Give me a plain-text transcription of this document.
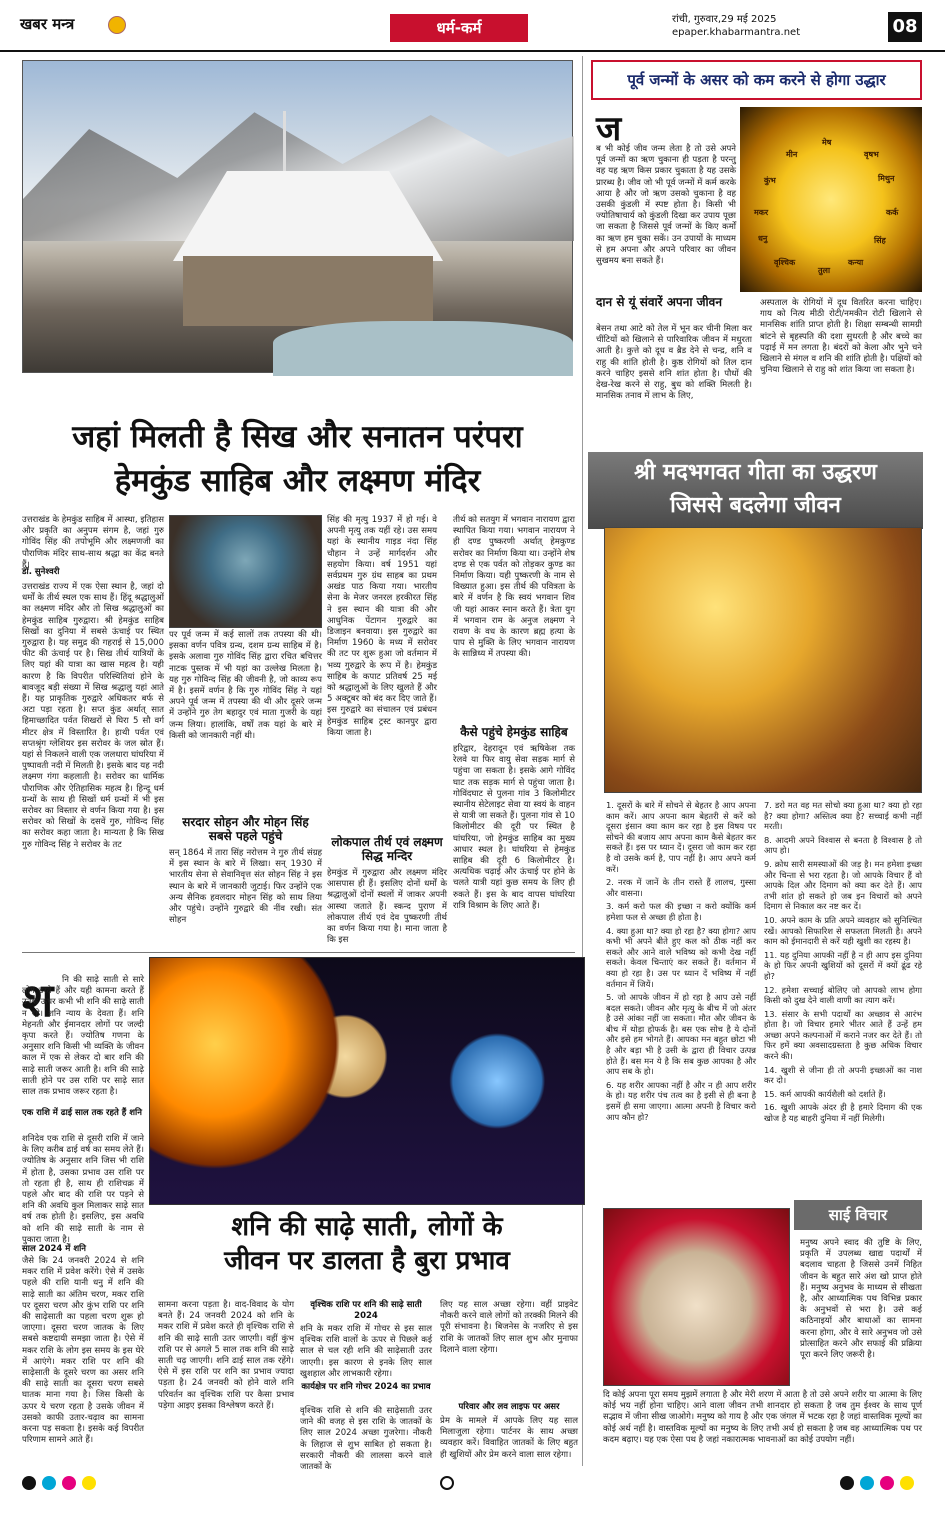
खबर मन्त्र	धर्म-कर्म	रांची, गुरुवार,29 मई 2025
epaper.khabarmantra.net	08
जहां मिलती है सिख और सनातन परंपरा
हेमकुंड साहिब और लक्ष्मण मंदिर
उत्तराखंड के हेमकुंड साहिब में आस्था, इतिहास और प्रकृति का अनुपम संगम है, जहां गुरु गोविंद सिंह की तपोभूमि और लक्ष्मणजी का पौराणिक मंदिर साथ-साथ श्रद्धा का केंद्र बनते हैं।
डॉ. सुनेश्वरी
उत्तराखंड राज्य में एक ऐसा स्थान है, जहां दो धर्मों के तीर्थ स्थल एक साथ हैं। हिंदू श्रद्धालुओं का लक्ष्मण मंदिर और तो सिख श्रद्धालुओं का हेमकुंड साहिब गुरुद्वारा। श्री हेमकुंड साहिब सिखों का दुनिया में सबसे ऊंचाई पर स्थित गुरुद्वारा है। यह समुद्र की गहराई से 15,000 फीट की ऊंचाई पर है। सिख तीर्थ यात्रियों के लिए यहां की यात्रा का खास महत्व है। यही कारण है कि विपरीत परिस्थितियां होने के बावजूद बड़ी संख्या में सिख श्रद्धालु यहां आते हैं। यह प्राकृतिक गुरुद्वारे अधिकतर बर्फ से अटा पड़ा रहता है। सप्त कुंड अर्थात् सात हिमाच्छादित पर्वत शिखरों से घिरा 5 सौ वर्ग मीटर क्षेत्र में विस्तारित है। हाथी पर्वत एवं सप्तश्रृंग ग्लेशियर इस सरोवर के जल स्रोत हैं। यहां से निकलने वाली एक जलधारा घांघरिया में पुष्पावती नदी में मिलती है। इसके बाद यह नदी लक्ष्मण गंगा कहलाती है। सरोवर का धार्मिक पौराणिक और ऐतिहासिक महत्व है। हिन्दू धर्म ग्रन्थों के साथ ही सिखों धर्म ग्रन्थों में भी इस सरोवर का विस्तार से वर्णन किया गया है। इस सरोवर को सिखों के दसवें गुरु, गोविन्द सिंह का सरोवर कहा जाता है। मान्यता है कि सिख गुरु गोविन्द सिंह ने सरोवर के तट
पर पूर्व जन्म में कई सालों तक तपस्या की थी। इसका वर्णन पवित्र ग्रन्थ, दशम ग्रन्थ साहिब में है। इसके अलावा गुरु गोविंद सिंह द्वारा रचित बचित्तर नाटक पुस्तक में भी यहां का उल्लेख मिलता है। यह गुरु गोविन्द सिंह की जीवनी है, जो काव्य रूप में है। इसमें वर्णन है कि गुरु गोविंद सिंह ने यहां अपने पूर्व जन्म में तपस्या की थी और दूसरे जन्म में उन्होंने गुरु तेग बहादुर एवं माता गुजरी के यहां जन्म लिया। हालांकि, वर्षों तक यहां के बारे में किसी को जानकारी नहीं थी।
सरदार सोहन और मोहन सिंह सबसे पहले पहुंचे
सन् 1864 में तारा सिंह नरोत्तम ने गुरु तीर्थ संग्रह में इस स्थान के बारे में लिखा। सन् 1930 में भारतीय सेना से सेवानिवृत्त संत सोहन सिंह ने इस स्थान के बारे में जानकारी जुटाई। फिर उन्होंने एक अन्य सैनिक हवलदार मोहन सिंह को साथ लिया और पहुंचे। उन्होंने गुरुद्वारे की नींव रखी। संत सोहन
सिंह की मृत्यु 1937 में हो गई। वे अपनी मृत्यु तक यहीं रहे। उस समय यहां के स्थानीय गाइड नंदा सिंह चौहान ने उन्हें मार्गदर्शन और सहयोग किया। वर्ष 1951 यहां सर्वप्रथम गुरु ग्रंथ साहब का प्रथम अखंड पाठ किया गया। भारतीय सेना के मेजर जनरल हरकीरत सिंह ने इस स्थान की यात्रा की और आधुनिक पेंटागन गुरुद्वारे का डिजाइन बनवाया। इस गुरुद्वारे का निर्माण 1960 के मध्य में सरोवर की तट पर शुरू हुआ जो वर्तमान में भव्य गुरुद्वारे के रूप में है। हेमकुंड साहिब के कपाट प्रतिवर्ष 25 मई को श्रद्धालुओं के लिए खुलते हैं और 5 अक्टूबर को बंद कर दिए जाते हैं। इस गुरुद्वारे का संचालन एवं प्रबंधन हेमकुंड साहिब ट्रस्ट कानपुर द्वारा किया जाता है।
लोकपाल तीर्थ एवं लक्ष्मण सिद्ध मन्दिर
हेमकुंड में गुरुद्वारा और लक्ष्मण मंदिर आसपास ही हैं। इसलिए दोनों धर्मों के श्रद्धालुओं दोनों स्थलों में जाकर अपनी आस्था जताते हैं। स्कन्द पुराण में लोकपाल तीर्थ एवं देव पुष्करणी तीर्थ का वर्णन किया गया है। माना जाता है कि इस
तीर्थ को सतयुग में भगवान नारायण द्वारा स्थापित किया गया। भगवान नारायण ने ही दण्ड पुष्करणी अर्थात् हेमकुण्ड सरोवर का निर्माण किया था। उन्होंने शेष दण्ड से एक पर्वत को तोड़कर कुण्ड का निर्माण किया। यही पुष्करणी के नाम से विख्यात हुआ। इस तीर्थ की पवित्रता के बारे में वर्णन है कि स्वयं भगवान शिव जी यहां आकर स्नान करते हैं। त्रेता युग में भगवान राम के अनुज लक्ष्मण ने रावण के वध के कारण ब्रह्म हत्या के पाप से मुक्ति के लिए भगवान नारायण के सान्निध्य में तपस्या की।
कैसे पहुंचे हेमकुंड साहिब
हरिद्वार, देहरादून एवं ऋषिकेश तक रेलवे या फिर वायु सेवा सड़क मार्ग से पहुंचा जा सकता है। इसके आगे गोविंद घाट तक सड़क मार्ग से पहुंचा जाता है। गोविंदघाट से पुलना गांव 3 किलोमीटर स्थानीय सेटेलाइट सेवा या स्वयं के वाहन से यात्री जा सकते हैं। पुलना गांव से 10 किलोमीटर की दूरी पर स्थित है घांघरिया, जो हेमकुंड साहिब का मुख्य आधार स्थल है। घांघरिया से हेमकुंड साहिब की दूरी 6 किलोमीटर है। अत्यधिक चढ़ाई और ऊंचाई पर होने के चलते यात्री यहां कुछ समय के लिए ही रुकते हैं। इस के बाद वापस घांघरिया रात्रि विश्राम के लिए आते हैं।
पूर्व जन्मों के असर को कम करने से होगा उद्धार
ज
ब भी कोई जीव जन्म लेता है तो उसे अपने पूर्व जन्मों का ऋण चुकाना ही पड़ता है परन्तु वह यह ऋण किस प्रकार चुकाता है यह उसके प्रारब्ध है। जीव जो भी पूर्व जन्मों में कर्म करके आया है और जो ऋण उसको चुकाना है वह उसकी कुंडली में स्पष्ट होता है। किसी भी ज्योतिषाचार्य को कुंडली दिखा कर उपाय पूछा जा सकता है जिससे पूर्व जन्मों के किए कर्मों का ऋण हम चुका सकें। उन उपायों के माध्यम से हम अपना और अपने परिवार का जीवन सुखमय बना सकते हैं।
मेष
वृषभ
मिथुन
कर्क
सिंह
कन्या
तुला
वृश्चिक
धनु
मकर
कुंभ
मीन
दान से यूं संवारें अपना जीवन
बेसन तथा आटे को तेल में भून कर चीनी मिला कर चींटियों को खिलाने से पारिवारिक जीवन में मधुरता आती है। कुत्ते को दूध व ब्रैड देने से चन्द्र, शनि व राहु की शांति होती है। कुष्ठ रोगियों को तिल दान करने चाहिए इससे शनि शांत होता है। पौधों की देख-रेख करने से राहु, बुध को शक्ति मिलती है। मानसिक तनाव में लाभ के लिए,
अस्पताल के रोगियों में दूध वितरित करना चाहिए। गाय को नित्य मीठी रोटी/नमकीन रोटी खिलाने से मानसिक शांति प्राप्त होती है। शिक्षा सम्बन्धी सामग्री बांटने से बृहस्पति की दशा सुधरती है और बच्चे का पढ़ाई में मन लगता है। बंदरों को केला और भुने चने खिलाने से मंगल व शनि की शांति होती है। पक्षियों को चुनिया खिलाने से राहु को शांत किया जा सकता है।
श्री मदभगवत गीता का उद्धरण
जिससे बदलेगा जीवन

1. दूसरों के बारे में सोचने से बेहतर है आप अपना काम करें। आप अपना काम बेहतरी से करें को दूसरा इंसान क्या काम कर रहा है इस विषय पर सोचने की बजाय आप अपना काम कैसे बेहतर कर सकते हैं। इस पर ध्यान दें। दूसरा जो काम कर रहा है वो उसके कर्म है, पाप नहीं है। आप अपने कर्म करें।

2. नरक में जानें के तीन रास्ते हैं लालच, गुस्सा और वासना।

3. कर्म करो फल की इच्छा न करो क्योंकि कर्म हमेशा फल से अच्छा ही होता है।

4. क्या हुआ था? क्या हो रहा है? क्या होगा? आप कभी भी अपने बीते हुए कल को ठीक नहीं कर सकते और आने वाले भविष्य को कभी देख नहीं सकते। केवल चिन्ताएं कर सकते हैं। वर्तमान में क्या हो रहा है। उस पर ध्यान दें भविष्य में नहीं वर्तमान में जियें।

5. जो आपके जीवन में हो रहा है आप उसे नहीं बदल सकते। जीवन और मृत्यु के बीच में जो अंतर है उसे आंका नहीं जा सकता। मौत और जीवन के बीच में थोड़ा होफर्क है। बस एक सोच है ये दोनों और इसे हम भोगते हैं। आपका मन बहुत छोटा भी है और बड़ा भी है उसी के द्वारा ही विचार उत्पन्न होते हैं। बस मन ये है कि सब कुछ आपका है और आप सब के हो।

6. यह शरीर आपका नहीं है और न ही आप शरीर के हो। यह शरीर पंच तत्व का है इसी से ही बना है इसमें ही समा जाएगा। आत्मा अपनी है विचार करो आप कौन हो?

7. डरो मत वह मत सोचो क्या हुआ था? क्या हो रहा है? क्या होगा? अस्तित्व क्या है? सच्चाई कभी नहीं मरती।

8. आदमी अपने विश्वास से बनता है विश्वास है तो आप हो।

9. क्रोध सारी समस्याओं की जड़ है। मन हमेशा इच्छा और चिन्ता से भरा रहता है। जो आपके विचार हैं वो आपके दिल और दिमाग को क्या कर देते हैं। आप तभी शांत हो सकते हो जब इन विचारों को अपने दिमाग से निकाल कर नष्ट कर दें।

10. अपने काम के प्रति अपने व्यवहार को सुनिश्चित रखें। आपको सिफारिश से सफलता मिलती है। अपने काम को ईमानदारी से करें यही खुशी का रहस्य है।

11. यह दुनिया आपकी नहीं है न ही आप इस दुनिया के हो फिर अपनी खुशियों को दूसरों में क्यों ढूंढ रहे हो?

12. हमेशा सच्चाई बोलिए जो आपको लाभ होगा किसी को दुख देने वाली वाणी का त्याग करें।

13. संसार के सभी पदार्थों का अच्छाव से आरंभ होता है। जो विचार हमारे भीतर आते हैं उन्हें हम अच्छा अपने कल्पनाओं में कराने नजर कर देते हैं। तो फिर हमें क्या अवसादग्रस्तता है कुछ अधिक विचार करने की।

14. खुशी से जीना ही तो अपनी इच्छाओं का नाश कर दो।

15. कर्म आपकी कार्यशैली को दर्शाते हैं।

16. खुशी आपके अंदर ही है हमारे दिमाग की एक खोज है यह बाहरी दुनिया में नहीं मिलेगी।

साई विचार
मनुष्य अपने स्वाद की तुष्टि के लिए, प्रकृति में उपलब्ध खाद्य पदार्थों में बदलाव चाहता है जिससे उनमें निहित जीवन के बहुत सारे अंश खो प्राप्त होते हैं। मनुष्य अनुभव के माध्यम से सीखता है, और आध्यात्मिक पथ विभिन्न प्रकार के अनुभवों से भरा है। उसे कई कठिनाइयों और बाधाओं का सामना करना होगा, और वे सारे अनुभव जो उसे प्रोत्साहित करने और सफाई की प्रक्रिया पूरा करने लिए जरूरी है।
दि कोई अपना पूरा समय मुझमें लगाता है और मेरी शरण में आता है तो उसे अपने शरीर या आत्मा के लिए कोई भय नहीं होना चाहिए। आने वाला जीवन तभी शानदार हो सकता है जब तुम ईश्वर के साथ पूर्ण सद्भाव में जीना सीख जाओगे। मनुष्य को गाय है और एक जंगल में भटक रहा है जहां वास्तविक मूल्यों का कोई अर्थ नहीं है। वास्तविक मूल्यों का मनुष्य के लिए तभी अर्थ हो सकता है जब वह आध्यात्मिक पथ पर कदम बढ़ाए। यह एक ऐसा पथ है जहां नकारात्मक भावनाओं का कोई उपयोग नहीं।
श	नि की साढ़े साती से सारे लोग डरते हैं और यही कामना करते हैं उनके ऊपर कभी भी शनि की साढ़े साती न रहे। शनि न्याय के देवता हैं। शनि मेहनती और ईमानदार लोगों पर जल्दी कृपा करते हैं। ज्योतिष गणना के अनुसार शनि किसी भी व्यक्ति के जीवन काल में एक से लेकर दो बार शनि की साढ़े साती जरूर आती है। शनि की साढ़े साती होने पर उस राशि पर साढ़े सात साल तक प्रभाव जरूर रहता है।
एक राशि में ढाई साल तक रहते हैं शनि
शनिदेव एक राशि से दूसरी राशि में जाने के लिए करीब ढाई वर्ष का समय लेते हैं। ज्योतिष के अनुसार शनि जिस भी राशि में होता है, उसका प्रभाव उस राशि पर तो रहता ही है, साथ ही राशिचक्र में पहले और बाद की राशि पर पड़ने से शनि की अवधि कुल मिलाकर साढ़े सात वर्ष तक होती है। इसलिए, इस अवधि को शनि की साढ़े साती के नाम से पुकारा जाता है।
साल 2024 में शनि
जैसे कि 24 जनवरी 2024 से शनि मकर राशि में प्रवेश करेंगे। ऐसे में उसके पहले की राशि यानी धनु में शनि की साढ़े साती का अंतिम चरण, मकर राशि पर दूसरा चरण और कुंभ राशि पर शनि की साढ़ेसाती का पहला चरण शुरू हो जाएगा। दूसरा चरण जातक के लिए सबसे कष्टदायी समझा जाता है। ऐसे में मकर राशि के लोग इस समय के इस घेरे में आएंगे। मकर राशि पर शनि की साढ़ेसाती के दूसरे चरण का असर शनि की साढ़े साती का दूसरा चरण सबसे घातक माना गया है। जिस किसी के ऊपर ये चरण रहता है उसके जीवन में उसको काफी उतार-चढ़ाव का सामना करना पड़ सकता है। इसके कई विपरीत परिणाम सामने आते हैं।
शनि की साढ़े साती, लोगों के
जीवन पर डालता है बुरा प्रभाव
सामना करना पड़ता है। वाद-विवाद के योग बनते हैं। 24 जनवरी 2024 को शनि के मकर राशि में प्रवेश करते ही वृश्चिक राशि से शनि की साढ़े साती उतर जाएगी। वहीं कुंभ राशि पर से अगले 5 साल तक शनि की साढ़े साती चढ़ जाएगी। शनि ढाई साल तक रहेंगे। ऐसे में इस राशि पर शनि का प्रभाव ज्यादा पड़ता है। 24 जनवरी को होने वाले शनि परिवर्तन का वृश्चिक राशि पर कैसा प्रभाव पड़ेगा आइए इसका विश्लेषण करते हैं।
वृश्चिक राशि पर शनि की साढ़े साती 2024
शनि के मकर राशि में गोचर से इस साल वृश्चिक राशि वालों के ऊपर से पिछले कई साल से चल रही शनि की साढ़ेसाती उतर जाएगी। इस कारण से इनके लिए साल खुशहाल और लाभकारी रहेगा।
कार्यक्षेत्र पर शनि गोचर 2024 का प्रभाव
वृश्चिक राशि से शनि की साढ़ेसाती उतर जाने की वजह से इस राशि के जातकों के लिए साल 2024 अच्छा गुजरेगा। नौकरी के लिहाज से शुभ साबित हो सकता है। सरकारी नौकरी की लालसा करने वाले जातकों के
लिए यह साल अच्छा रहेगा। वहीं प्राइवेट नौकरी करने वाले लोगों को तरक्की मिलने की पूरी संभावना है। बिजनेस के नजरिए से इस राशि के जातकों लिए साल शुभ और मुनाफा दिलाने वाला रहेगा।
परिवार और लव लाइफ पर असर
प्रेम के मामले में आपके लिए यह साल मिलाजुला रहेगा। पार्टनर के साथ अच्छा व्यवहार करें। विवाहित जातकों के लिए बहुत ही खुशियों और प्रेम करने वाला साल रहेगा।
